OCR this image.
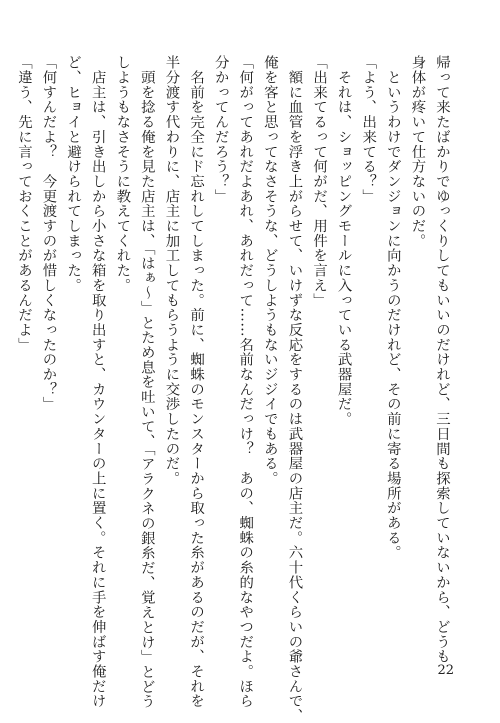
帰って来たばかりでゆっくりしてもいいのだけれど、三日間も探索していないから、どうも
身体が疼いて仕方ないのだ。
　というわけでダンジョンに向かうのだけれど、その前に寄る場所がある。
「よう、出来てる？」
　それは、ショッピングモールに入っている武器屋だ。
「出来てるって何がだ、用件を言え」
　額に血管を浮き上がらせて、いけずな反応をするのは武器屋の店主だ。六十代くらいの爺さんで、
俺を客と思ってなさそうな、どうしようもないジジイでもある。
「何がってあれだよあれ、あれだって……名前なんだっけ？　あの、蜘蛛の糸的なやつだよ。ほら
分かってんだろう？」
　名前を完全にド忘れしてしまった。前に、蜘蛛のモンスターから取った糸があるのだが、それを
半分渡す代わりに、店主に加工してもらうように交渉したのだ。
　頭を捻る俺を見た店主は、「はぁ～」とため息を吐いて、「アラクネの銀糸だ、覚えとけ」とどう
しようもなさそうに教えてくれた。
　店主は、引き出しから小さな箱を取り出すと、カウンターの上に置く。それに手を伸ばす俺だけ
ど、ヒョイと避けられてしまった。
「何すんだよ？　今更渡すのが惜しくなったのか？」
「違う、先に言っておくことがあるんだよ」
22
